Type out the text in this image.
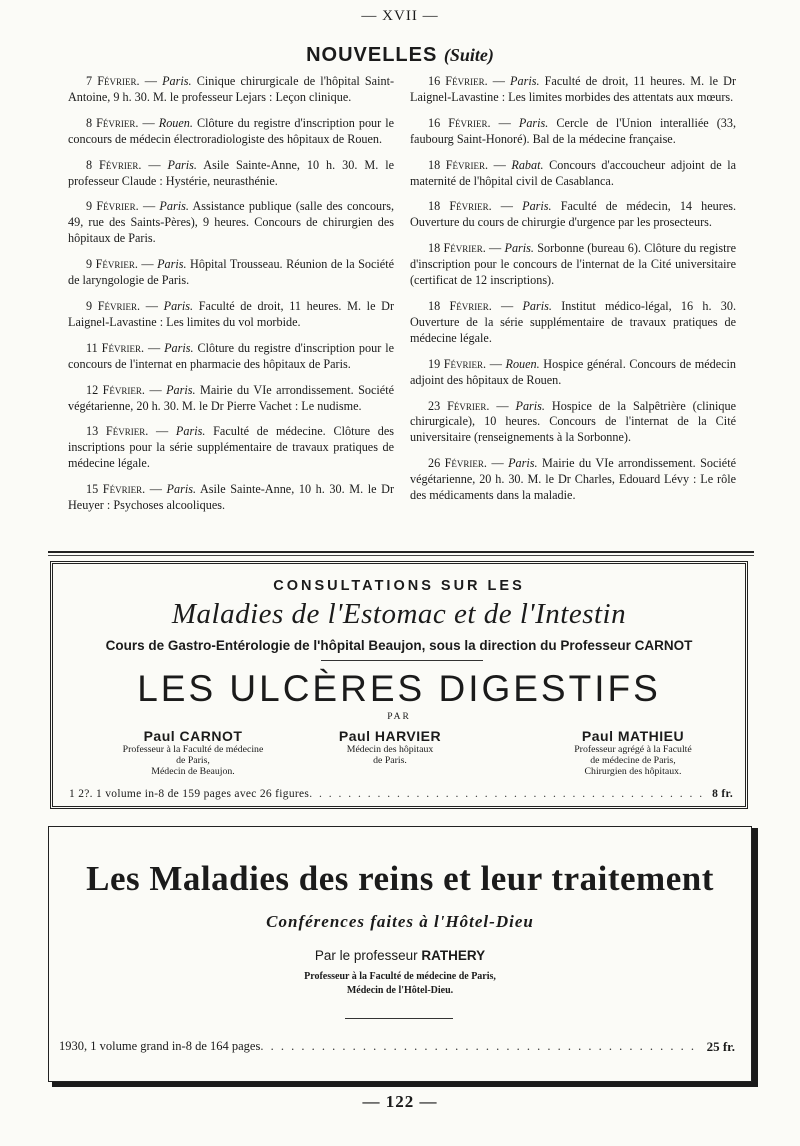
— XVII —
NOUVELLES (Suite)

7 Février. — Paris. Cinique chirurgicale de l'hôpital Saint-Antoine, 9 h. 30. M. le professeur Lejars : Leçon clinique.

8 Février. — Rouen. Clôture du registre d'inscription pour le concours de médecin électroradiologiste des hôpitaux de Rouen.

8 Février. — Paris. Asile Sainte-Anne, 10 h. 30. M. le professeur Claude : Hystérie, neurasthénie.

9 Février. — Paris. Assistance publique (salle des concours, 49, rue des Saints-Pères), 9 heures. Concours de chirurgien des hôpitaux de Paris.

9 Février. — Paris. Hôpital Trousseau. Réunion de la Société de laryngologie de Paris.

9 Février. — Paris. Faculté de droit, 11 heures. M. le Dr Laignel-Lavastine : Les limites du vol morbide.

11 Février. — Paris. Clôture du registre d'inscription pour le concours de l'internat en pharmacie des hôpitaux de Paris.

12 Février. — Paris. Mairie du VIe arrondissement. Société végétarienne, 20 h. 30. M. le Dr Pierre Vachet : Le nudisme.

13 Février. — Paris. Faculté de médecine. Clôture des inscriptions pour la série supplémentaire de travaux pratiques de médecine légale.

15 Février. — Paris. Asile Sainte-Anne, 10 h. 30. M. le Dr Heuyer : Psychoses alcooliques.

16 Février. — Paris. Faculté de droit, 11 heures. M. le Dr Laignel-Lavastine : Les limites morbides des attentats aux mœurs.

16 Février. — Paris. Cercle de l'Union interalliée (33, faubourg Saint-Honoré). Bal de la médecine française.

18 Février. — Rabat. Concours d'accoucheur adjoint de la maternité de l'hôpital civil de Casablanca.

18 Février. — Paris. Faculté de médecin, 14 heures. Ouverture du cours de chirurgie d'urgence par les prosecteurs.

18 Février. — Paris. Sorbonne (bureau 6). Clôture du registre d'inscription pour le concours de l'internat de la Cité universitaire (certificat de 12 inscriptions).

18 Février. — Paris. Institut médico-légal, 16 h. 30. Ouverture de la série supplémentaire de travaux pratiques de médecine légale.

19 Février. — Rouen. Hospice général. Concours de médecin adjoint des hôpitaux de Rouen.

23 Février. — Paris. Hospice de la Salpêtrière (clinique chirurgicale), 10 heures. Concours de l'internat de la Cité universitaire (renseignements à la Sorbonne).

26 Février. — Paris. Mairie du VIe arrondissement. Société végétarienne, 20 h. 30. M. le Dr Charles, Edouard Lévy : Le rôle des médicaments dans la maladie.

CONSULTATIONS SUR LES
Maladies de l'Estomac et de l'Intestin
Cours de Gastro-Entérologie de l'hôpital Beaujon, sous la direction du Professeur CARNOT
LES ULCÈRES DIGESTIFS
PAR
Paul CARNOT
Professeur à la Faculté de médecine
de Paris,
Médecin de Beaujon.
Paul HARVIER
Médecin des hôpitaux
de Paris.
Paul MATHIEU
Professeur agrégé à la Faculté
de médecine de Paris,
Chirurgien des hôpitaux.
1 2?. 1 volume in-8 de 159 pages avec 26 figures . . .	8 fr.
Les Maladies des reins et leur traitement
Conférences faites à l'Hôtel-Dieu
Par le professeur RATHERY
Professeur à la Faculté de médecine de Paris,
Médecin de l'Hôtel-Dieu.
1930, 1 volume grand in-8 de 164 pages . . .	25 fr.
— 122 —
